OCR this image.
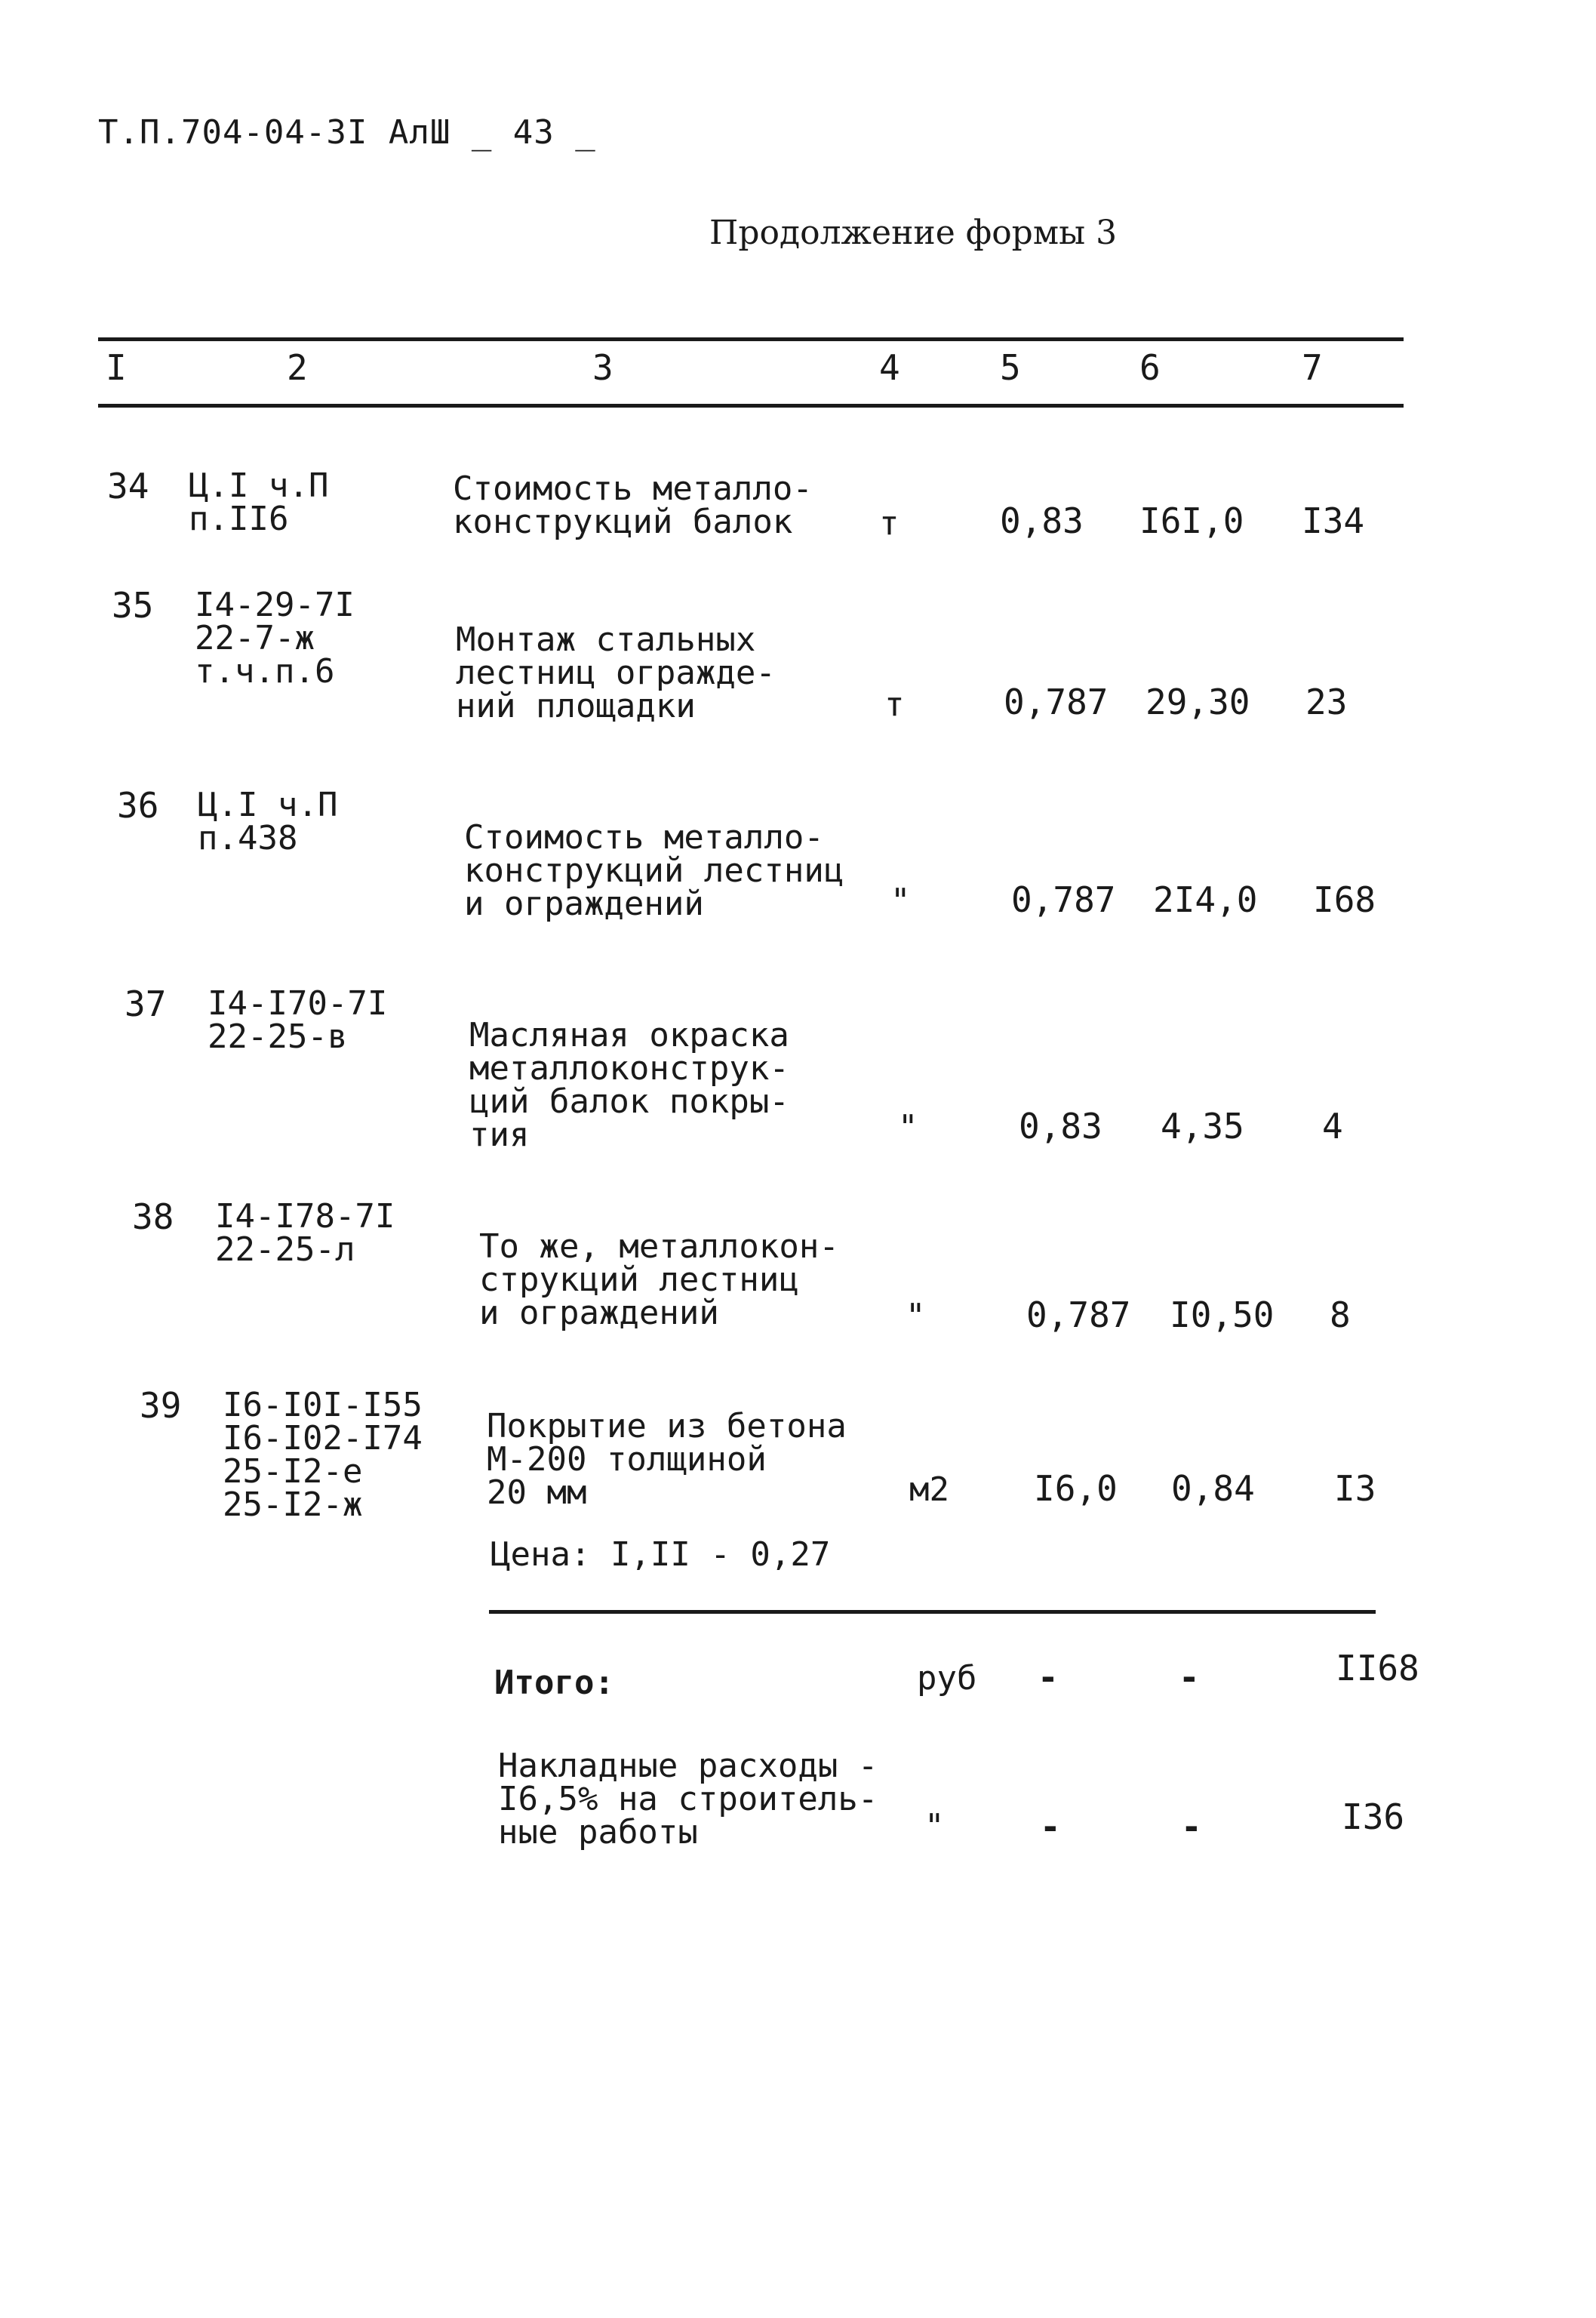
Т.П.704-04-3I АлШ _ 43 _
Продолжение формы 3
I	2	3	4	5	6	7
34 Ц.I ч.П
п.II6
Стоимость металло-
конструкций балок	т	0,83 I6I,0 I34
35 I4-29-7I
22-7-ж
т.ч.п.6
Монтаж стальных
лестниц огражде-
ний площадки	т	0,787 29,30 23
36 Ц.I ч.П
п.438	Стоимость металло-
конструкций лестниц
и ограждений	"	0,787 2I4,0 I68
37 I4-I70-7I
22-25-в	Масляная окраска
металлоконструк-
ций балок покры-
тия	"	0,83 4,35 4
38 I4-I78-7I
22-25-л	То же, металлокон-
струкций лестниц
и ограждений	"	0,787 I0,50 8
39 I6-I0I-I55
I6-I02-I74
25-I2-е
25-I2-ж
Покрытие из бетона
М-200 толщиной
20 мм	м2 I6,0 0,84 I3
Цена: I,II - 0,27
Итого:	руб -	-	II68
Накладные расходы -
I6,5% на строитель-
ные работы	"	-	-	I36
